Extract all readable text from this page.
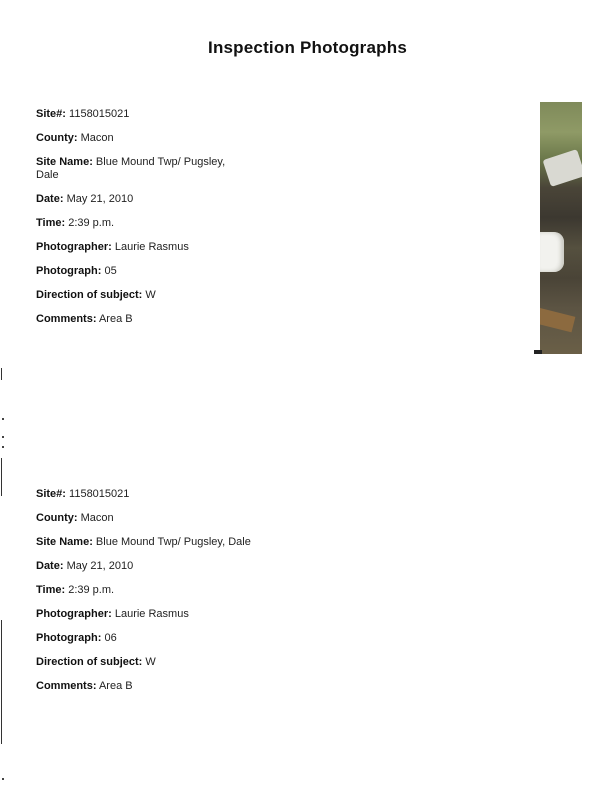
Inspection Photographs
Site#: 1158015021
County: Macon
Site Name: Blue Mound Twp/ Pugsley, Dale
Date: May 21, 2010
Time: 2:39 p.m.
Photographer: Laurie Rasmus
Photograph: 05
Direction of subject: W
Comments: Area B
Site#: 1158015021
County: Macon
Site Name: Blue Mound Twp/ Pugsley, Dale
Date: May 21, 2010
Time: 2:39 p.m.
Photographer: Laurie Rasmus
Photograph: 06
Direction of subject: W
Comments: Area B
